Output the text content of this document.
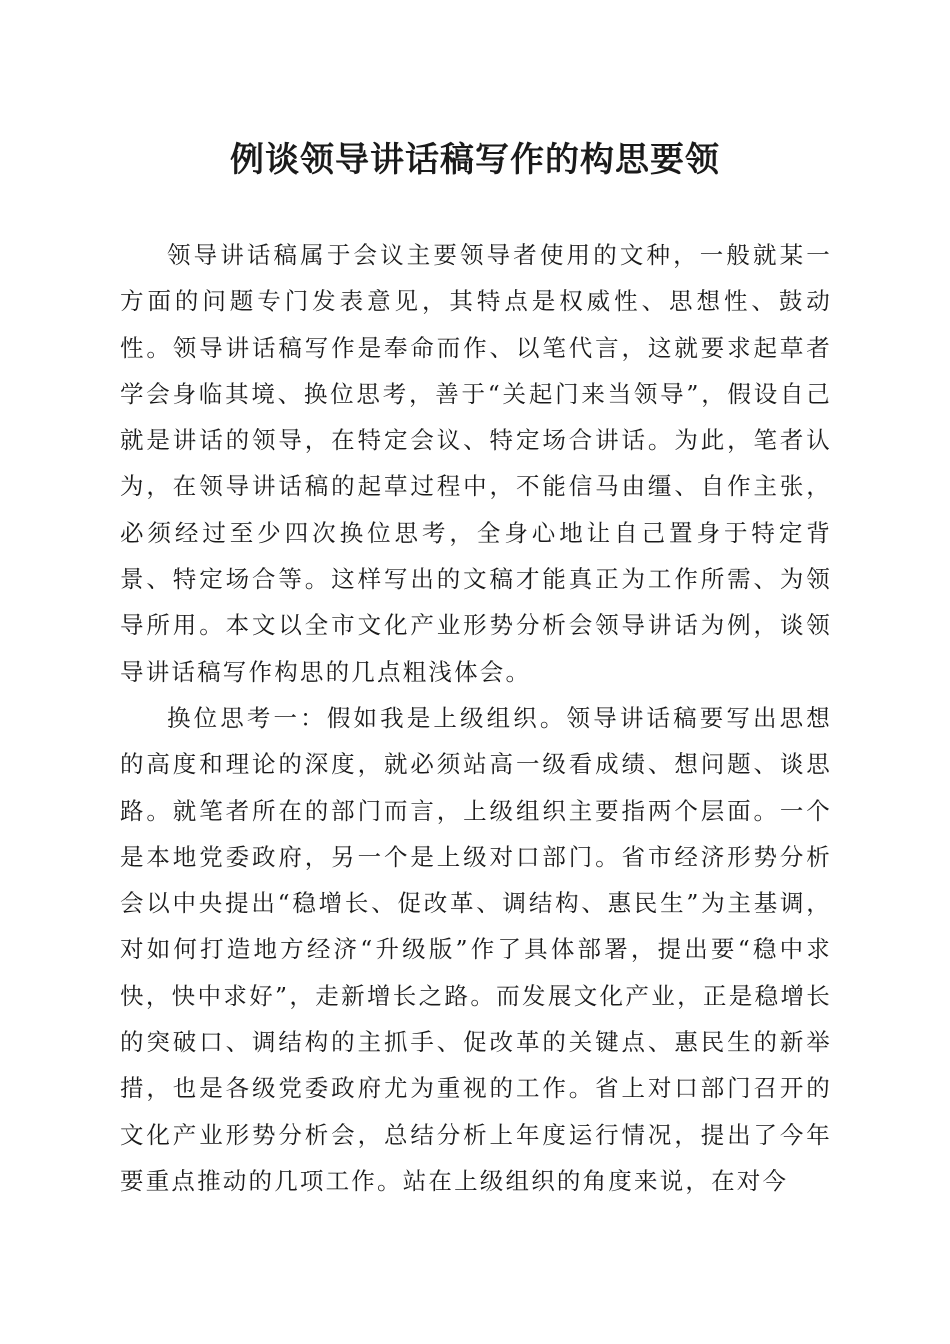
例谈领导讲话稿写作的构思要领

领导讲话稿属于会议主要领导者使用的文种，一般就某一方面的问题专门发表意见，其特点是权威性、思想性、鼓动性。领导讲话稿写作是奉命而作、以笔代言，这就要求起草者学会身临其境、换位思考，善于“关起门来当领导”，假设自己就是讲话的领导，在特定会议、特定场合讲话。为此，笔者认为，在领导讲话稿的起草过程中，不能信马由缰、自作主张，必须经过至少四次换位思考，全身心地让自己置身于特定背景、特定场合等。这样写出的文稿才能真正为工作所需、为领导所用。本文以全市文化产业形势分析会领导讲话为例，谈领导讲话稿写作构思的几点粗浅体会。

换位思考一：假如我是上级组织。领导讲话稿要写出思想的高度和理论的深度，就必须站高一级看成绩、想问题、谈思路。就笔者所在的部门而言，上级组织主要指两个层面。一个是本地党委政府，另一个是上级对口部门。省市经济形势分析会以中央提出“稳增长、促改革、调结构、惠民生”为主基调，对如何打造地方经济“升级版”作了具体部署，提出要“稳中求快，快中求好”，走新增长之路。而发展文化产业，正是稳增长的突破口、调结构的主抓手、促改革的关键点、惠民生的新举措，也是各级党委政府尤为重视的工作。省上对口部门召开的文化产业形势分析会，总结分析上年度运行情况，提出了今年要重点推动的几项工作。站在上级组织的角度来说，在对今
